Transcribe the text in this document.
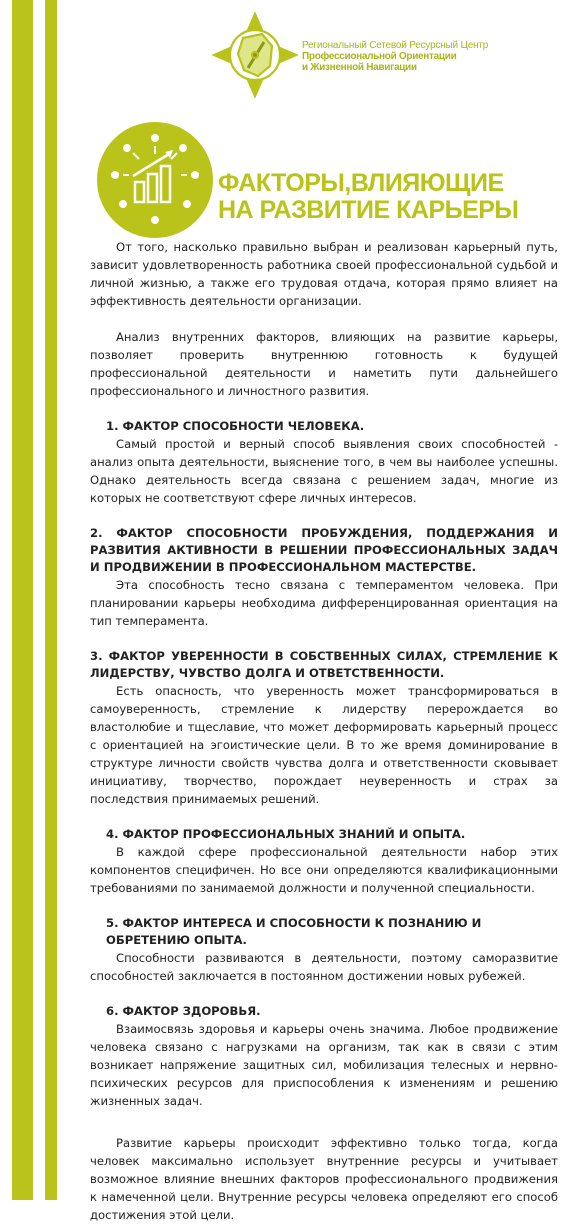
Региональный Сетевой Ресурсный Центр
Профессиональной Ориентации
и Жизненной Навигации
ФАКТОРЫ,ВЛИЯЮЩИЕ
НА РАЗВИТИЕ КАРЬЕРЫ

От того, насколько правильно выбран и реализован карьерный путь, зависит удовлетворенность работника своей профессиональной судьбой и личной жизнью, а также его трудовая отдача, которая прямо влияет на эффективность деятельности организации.

Анализ внутренних факторов, влияющих на развитие карьеры, позволяет проверить внутреннюю готовность к будущей профессиональной деятельности и наметить пути дальнейшего профессионального и личностного развития.

1. ФАКТОР СПОСОБНОСТИ ЧЕЛОВЕКА.

Самый простой и верный способ выявления своих способностей - анализ опыта деятельности, выяснение того, в чем вы наиболее успешны. Однако деятельность всегда связана с решением задач, многие из которых не соответствуют сфере личных интересов.

2. ФАКТОР СПОСОБНОСТИ ПРОБУЖДЕНИЯ, ПОДДЕРЖАНИЯ И РАЗВИТИЯ АКТИВНОСТИ В РЕШЕНИИ ПРОФЕССИОНАЛЬНЫХ ЗАДАЧ И ПРОДВИЖЕНИИ В ПРОФЕССИОНАЛЬНОМ МАСТЕРСТВЕ.

Эта способность тесно связана с темпераментом человека. При планировании карьеры необходима дифференцированная ориентация на тип темперамента.

3. ФАКТОР УВЕРЕННОСТИ В СОБСТВЕННЫХ СИЛАХ, СТРЕМЛЕНИЕ К ЛИДЕРСТВУ, ЧУВСТВО ДОЛГА И ОТВЕТСТВЕННОСТИ.

Есть опасность, что уверенность может трансформироваться в самоуверенность, стремление к лидерству перерождается во властолюбие и тщеславие, что может деформировать карьерный процесс с ориентацией на эгоистические цели. В то же время доминирование в структуре личности свойств чувства долга и ответственности сковывает инициативу, творчество, порождает неуверенность и страх за последствия принимаемых решений.

4. ФАКТОР ПРОФЕССИОНАЛЬНЫХ ЗНАНИЙ И ОПЫТА.

В каждой сфере профессиональной деятельности набор этих компонентов специфичен. Но все они определяются квалификационными требованиями по занимаемой должности и полученной специальности.

5. ФАКТОР ИНТЕРЕСА И СПОСОБНОСТИ К ПОЗНАНИЮ И ОБРЕТЕНИЮ ОПЫТА.

Способности развиваются в деятельности, поэтому саморазвитие способностей заключается в постоянном достижении новых рубежей.

6. ФАКТОР ЗДОРОВЬЯ.

Взаимосвязь здоровья и карьеры очень значима. Любое продвижение человека связано с нагрузками на организм, так как в связи с этим возникает напряжение защитных сил, мобилизация телесных и нервно-психических ресурсов для приспособления к изменениям и решению жизненных задач.

Развитие карьеры происходит эффективно только тогда, когда человек максимально использует внутренние ресурсы и учитывает возможное влияние внешних факторов профессионального продвижения к намеченной цели. Внутренние ресурсы человека определяют его способ достижения этой цели.
